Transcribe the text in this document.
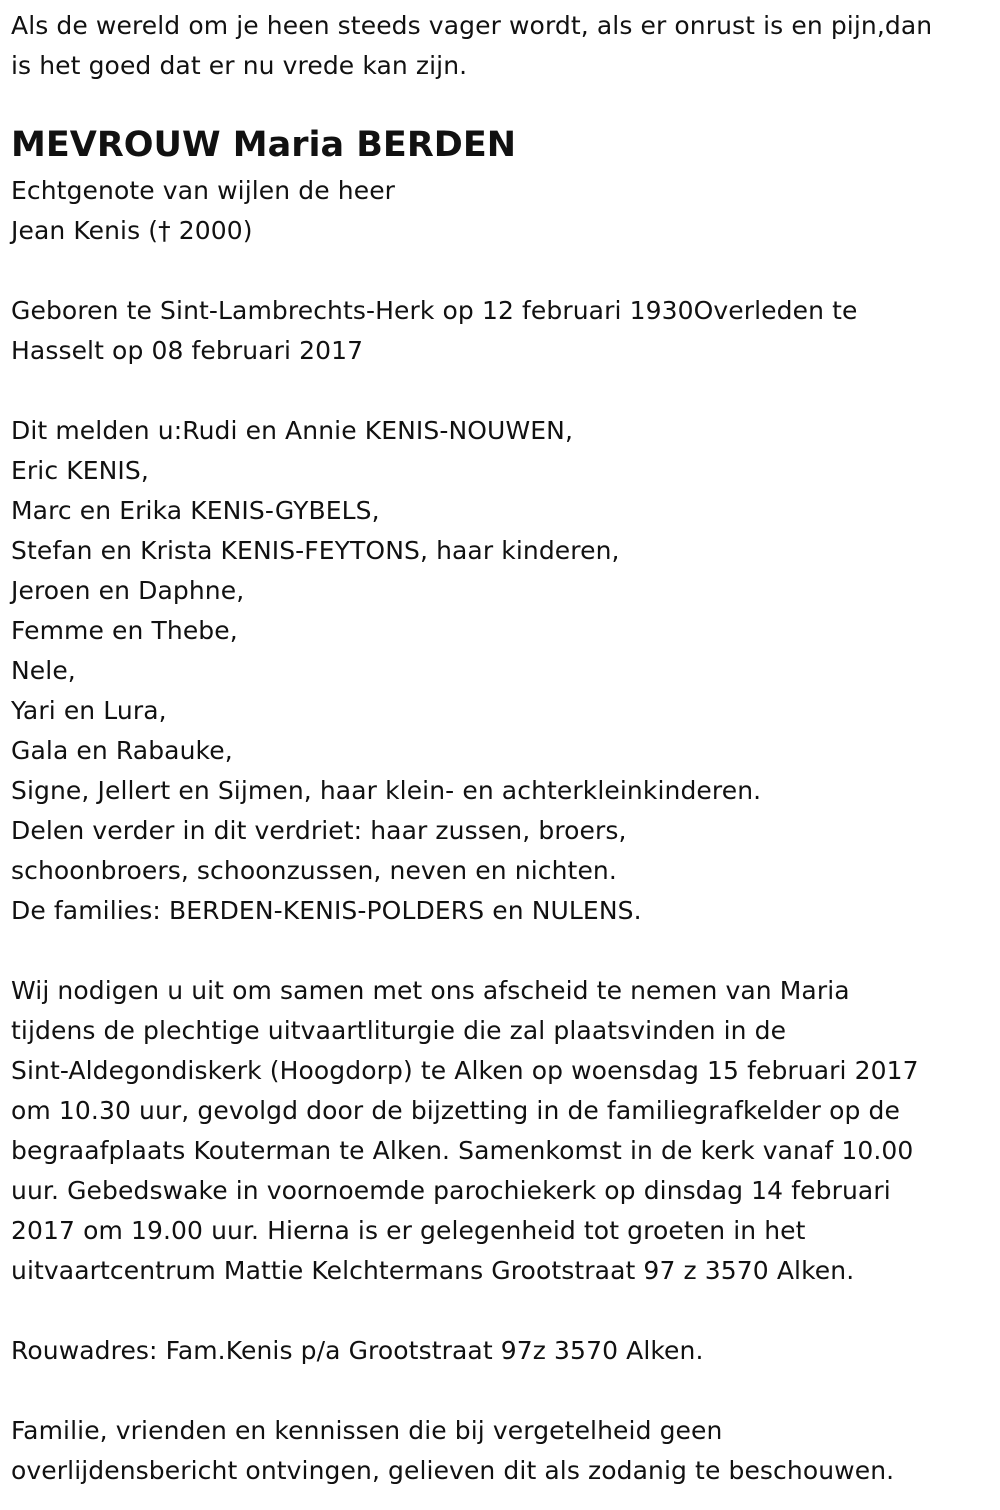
Als de wereld om je heen steeds vager wordt, als er onrust is en pijn,dan
is het goed dat er nu vrede kan zijn.
MEVROUW Maria BERDEN
Echtgenote van wijlen de heer
Jean Kenis († 2000)
Geboren te Sint-Lambrechts-Herk op 12 februari 1930Overleden te
Hasselt op 08 februari 2017
Dit melden u:Rudi en Annie KENIS-NOUWEN,
Eric KENIS,
Marc en Erika KENIS-GYBELS,
Stefan en Krista KENIS-FEYTONS, haar kinderen,
Jeroen en Daphne,
Femme en Thebe,
Nele,
Yari en Lura,
Gala en Rabauke,
Signe, Jellert en Sijmen, haar klein- en achterkleinkinderen.
Delen verder in dit verdriet: haar zussen, broers,
schoonbroers, schoonzussen, neven en nichten.
De families: BERDEN-KENIS-POLDERS en NULENS.
Wij nodigen u uit om samen met ons afscheid te nemen van Maria
tijdens de plechtige uitvaartliturgie die zal plaatsvinden in de
Sint-Aldegondiskerk (Hoogdorp) te Alken op woensdag 15 februari 2017
om 10.30 uur, gevolgd door de bijzetting in de familiegrafkelder op de
begraafplaats Kouterman te Alken. Samenkomst in de kerk vanaf 10.00
uur. Gebedswake in voornoemde parochiekerk op dinsdag 14 februari
2017 om 19.00 uur. Hierna is er gelegenheid tot groeten in het
uitvaartcentrum Mattie Kelchtermans Grootstraat 97 z 3570 Alken.
Rouwadres: Fam.Kenis p/a Grootstraat 97z 3570 Alken.
Familie, vrienden en kennissen die bij vergetelheid geen
overlijdensbericht ontvingen, gelieven dit als zodanig te beschouwen.
